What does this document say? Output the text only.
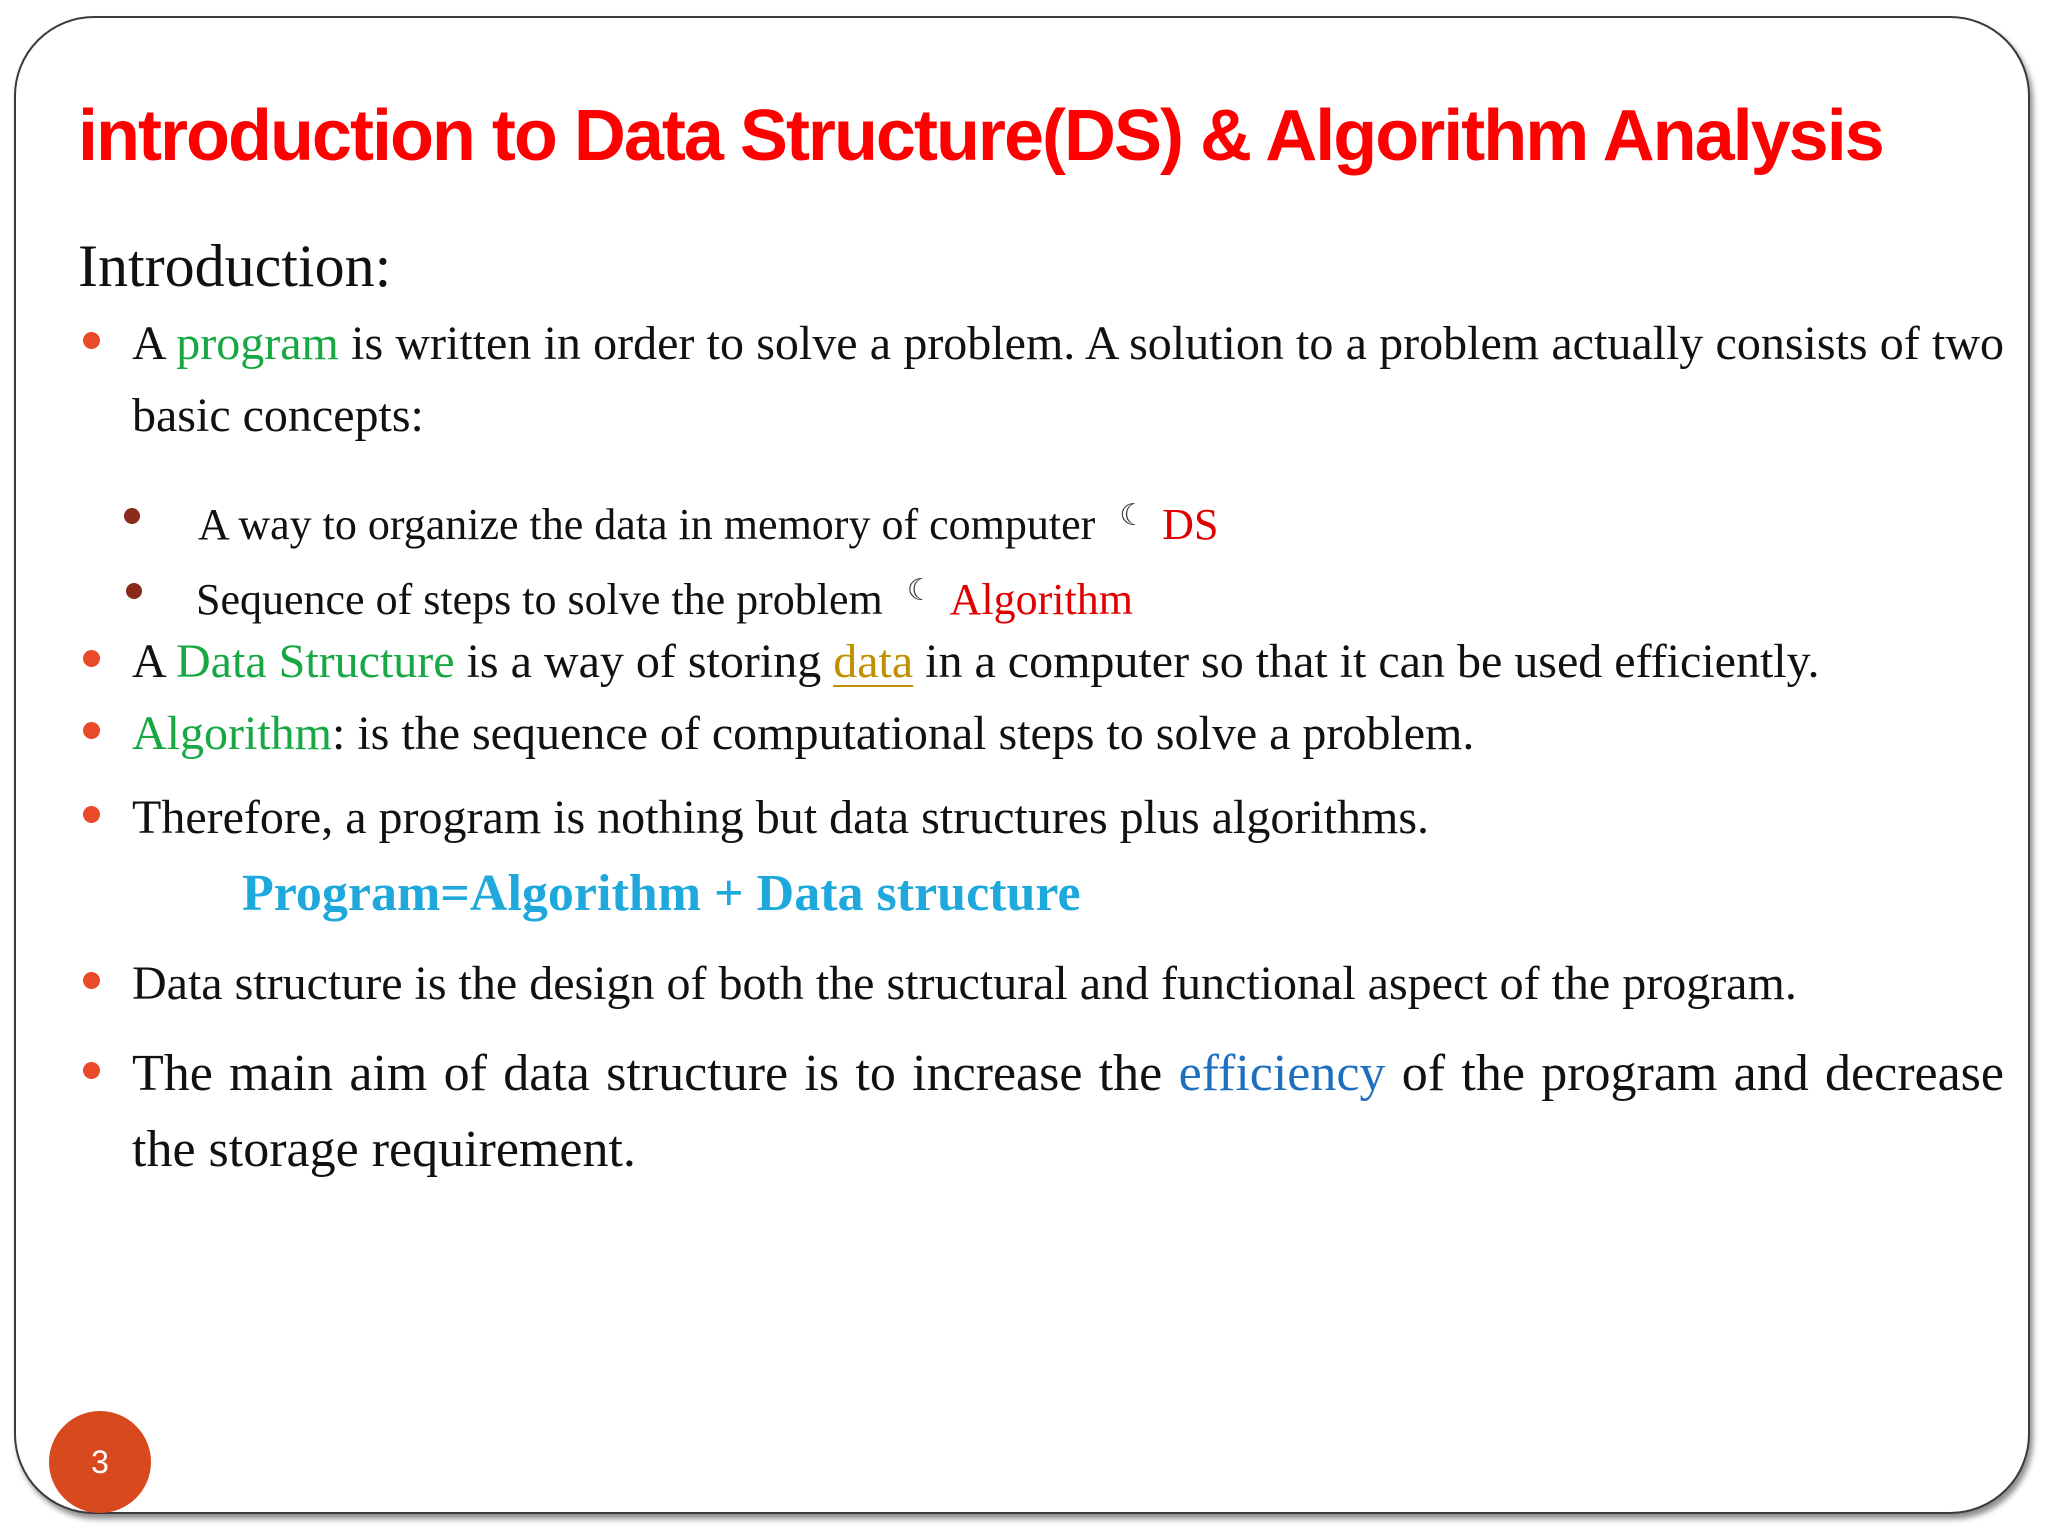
introduction to Data Structure(DS) & Algorithm Analysis
Introduction:
A program is written in order to solve a problem. A solution to a problem actually consists of two basic concepts:
A way to organize the data in memory of computer ☾ DS
Sequence of steps to solve the problem ☾ Algorithm
A Data Structure is a way of storing data in a computer so that it can be used efficiently.
Algorithm: is the sequence of computational steps to solve a problem.
Therefore, a program is nothing but data structures plus algorithms.
Program=Algorithm + Data structure
Data structure is the design of both the structural and functional aspect of the program.
The main aim of data structure is to increase the efficiency of the program and decrease the storage requirement.
3
